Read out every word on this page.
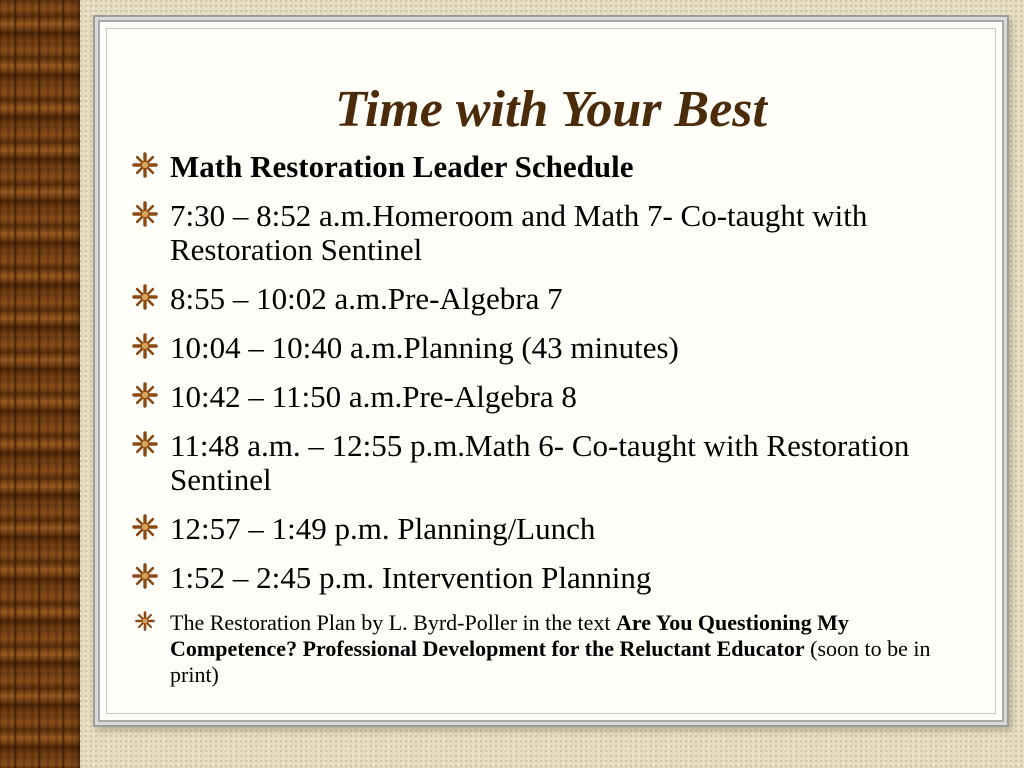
Time with Your Best
Math Restoration Leader Schedule
7:30 – 8:52 a.m.Homeroom and Math 7- Co-taught with Restoration Sentinel
8:55 – 10:02 a.m.Pre-Algebra 7
10:04 – 10:40 a.m.Planning (43 minutes)
10:42 – 11:50 a.m.Pre-Algebra 8
11:48 a.m. – 12:55 p.m.Math 6- Co-taught with Restoration Sentinel
12:57 – 1:49 p.m. Planning/Lunch
1:52 – 2:45 p.m. Intervention Planning
The Restoration Plan by L. Byrd-Poller in the text Are You Questioning My Competence? Professional Development for the Reluctant Educator (soon to be in print)
